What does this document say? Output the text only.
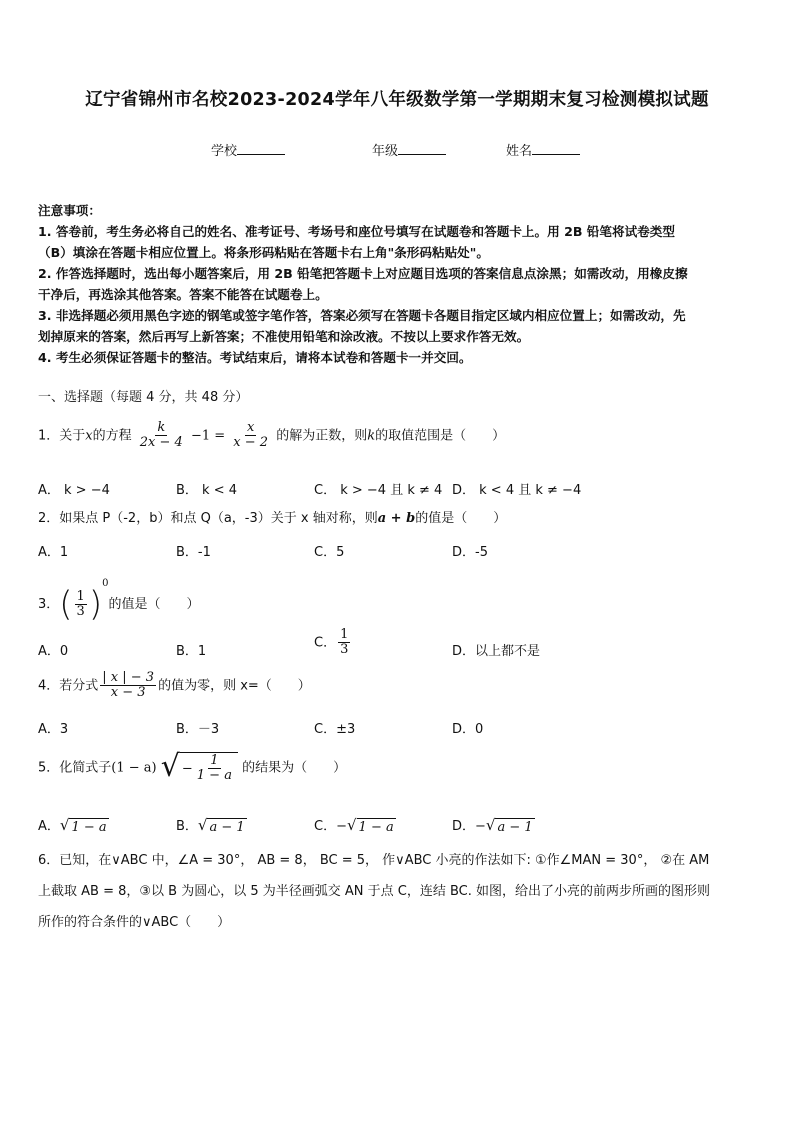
辽宁省锦州市名校2023-2024学年八年级数学第一学期期末复习检测模拟试题
学校	年级	姓名
注意事项：
1. 答卷前，考生务必将自己的姓名、准考证号、考场号和座位号填写在试题卷和答题卡上。用 2B 铅笔将试卷类型
（B）填涂在答题卡相应位置上。将条形码粘贴在答题卡右上角"条形码粘贴处"。
2. 作答选择题时，选出每小题答案后，用 2B 铅笔把答题卡上对应题目选项的答案信息点涂黑；如需改动，用橡皮擦
干净后，再选涂其他答案。答案不能答在试题卷上。
3. 非选择题必须用黑色字迹的钢笔或签字笔作答，答案必须写在答题卡各题目指定区域内相应位置上；如需改动，先
划掉原来的答案，然后再写上新答案；不准使用铅笔和涂改液。不按以上要求作答无效。
4. 考生必须保证答题卡的整洁。考试结束后，请将本试卷和答题卡一并交回。
一、选择题（每题 4 分，共 48 分）
1．关于x的方程 $\frac{k}{2x - 4} -1 = \frac{x}{x - 2}$ 的解为正数，则k的取值范围是（　　）
A． k > −4	B． k < 4	C． k > −4 且 k ≠ 4 D． k < 4 且 k ≠ −4
2．如果点 P（-2，b）和点 Q（a，-3）关于 x 轴对称，则a + b的值是（　　）
A．1	B．-1	C．5	D．-5
3．( $\frac{1}{3} )^0$的值是（　　）
A．0	B．1
C． $\frac{1}{3}$	D．以上都不是
4．若分式 $\frac{| x | - 3}{x - 3}$ 的值为零，则 x=（　　）
A．3	B．－3	C．±3	D．0
5．化简式子(1 − a) √ − $\frac{1}{1 - a}$ 的结果为（　　）
A． √ 1 − a	B． √ a − 1	C．− √ 1 − a	D．− √ a − 1
6．已知，在∨ABC 中，∠A = 30°， AB = 8， BC = 5， 作∨ABC 小亮的作法如下: ①作∠MAN = 30°， ②在 AM
上截取 AB = 8，③以 B 为圆心，以 5 为半径画弧交 AN 于点 C，连结 BC. 如图，给出了小亮的前两步所画的图形则
所作的符合条件的∨ABC（　　）
